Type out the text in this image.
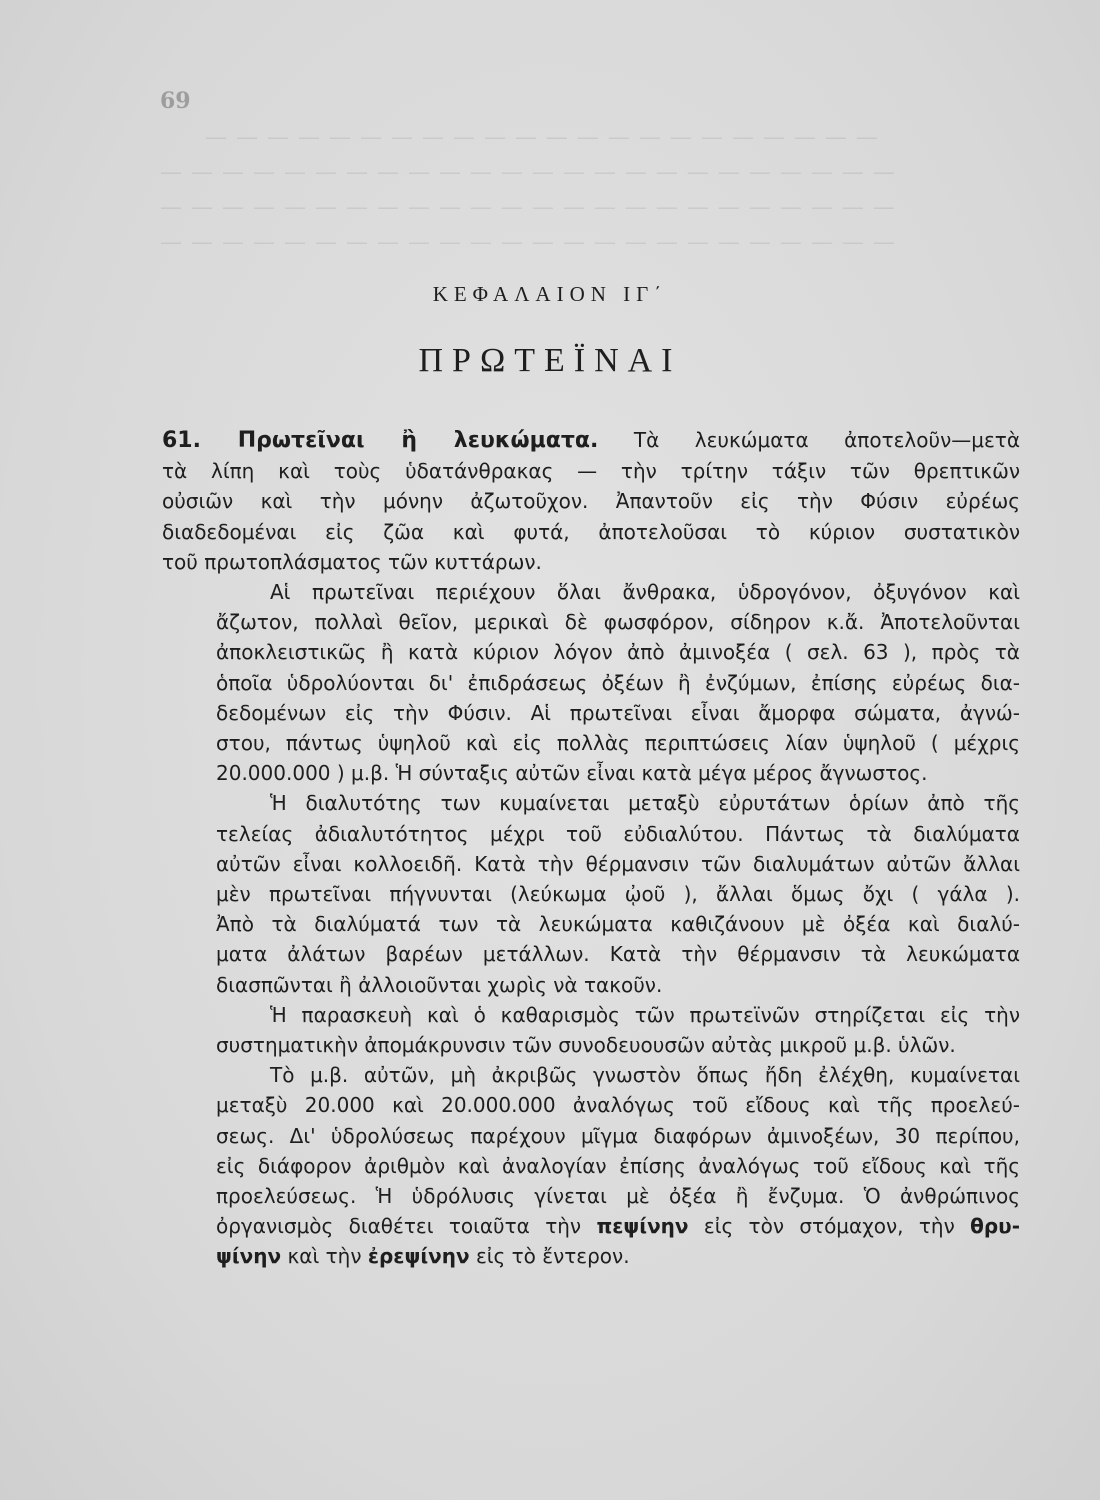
69
— — — — — — — — — — — — — — — — — — — — — —
— — — — — — — — — — — — — — — — — — — — — — — —
— — — — — — — — — — — — — — — — — — — — — — — —
— — — — — — — — — — — — — — — — — — — — — — — —
ΚΕΦΑΛΑΙΟΝ ΙΓ΄
ΠΡΩΤΕΪΝΑΙ

61. Πρωτεῖναι ἢ λευκώματα. Τὰ λευκώματα ἀποτελοῦν—μετὰ
τὰ λίπη καὶ τοὺς ὑδατάνθρακας — τὴν τρίτην τάξιν τῶν θρεπτικῶν
οὐσιῶν καὶ τὴν μόνην ἀζωτοῦχον. Ἀπαντοῦν εἰς τὴν Φύσιν εὐρέως
διαδεδομέναι εἰς ζῶα καὶ φυτά, ἀποτελοῦσαι τὸ κύριον συστατικὸν
τοῦ πρωτοπλάσματος τῶν κυττάρων.

Αἱ πρωτεῖναι περιέχουν ὅλαι ἄνθρακα, ὑδρογόνον, ὀξυγόνον καὶ
ἄζωτον, πολλαὶ θεῖον, μερικαὶ δὲ φωσφόρον, σίδηρον κ.ἄ. Ἀποτελοῦνται
ἀποκλειστικῶς ἢ κατὰ κύριον λόγον ἀπὸ ἀμινοξέα ( σελ. 63 ), πρὸς τὰ
ὁποῖα ὑδρολύονται δι' ἐπιδράσεως ὀξέων ἢ ἐνζύμων, ἐπίσης εὐρέως δια-
δεδομένων εἰς τὴν Φύσιν. Αἱ πρωτεῖναι εἶναι ἄμορφα σώματα, ἀγνώ-
στου, πάντως ὑψηλοῦ καὶ εἰς πολλὰς περιπτώσεις λίαν ὑψηλοῦ ( μέχρις
20.000.000 ) μ.β. Ἡ σύνταξις αὐτῶν εἶναι κατὰ μέγα μέρος ἄγνωστος.

Ἡ διαλυτότης των κυμαίνεται μεταξὺ εὐρυτάτων ὁρίων ἀπὸ τῆς
τελείας ἀδιαλυτότητος μέχρι τοῦ εὐδιαλύτου. Πάντως τὰ διαλύματα
αὐτῶν εἶναι κολλοειδῆ. Κατὰ τὴν θέρμανσιν τῶν διαλυμάτων αὐτῶν ἄλλαι
μὲν πρωτεῖναι πήγνυνται (λεύκωμα ᾠοῦ ), ἄλλαι ὅμως ὄχι ( γάλα ).
Ἀπὸ τὰ διαλύματά των τὰ λευκώματα καθιζάνουν μὲ ὀξέα καὶ διαλύ-
ματα ἀλάτων βαρέων μετάλλων. Κατὰ τὴν θέρμανσιν τὰ λευκώματα
διασπῶνται ἢ ἀλλοιοῦνται χωρὶς νὰ τακοῦν.

Ἡ παρασκευὴ καὶ ὁ καθαρισμὸς τῶν πρωτεϊνῶν στηρίζεται εἰς τὴν
συστηματικὴν ἀπομάκρυνσιν τῶν συνοδευουσῶν αὐτὰς μικροῦ μ.β. ὑλῶν.

Τὸ μ.β. αὐτῶν, μὴ ἀκριβῶς γνωστὸν ὅπως ἤδη ἐλέχθη, κυμαίνεται
μεταξὺ 20.000 καὶ 20.000.000 ἀναλόγως τοῦ εἴδους καὶ τῆς προελεύ-
σεως. Δι' ὑδρολύσεως παρέχουν μῖγμα διαφόρων ἀμινοξέων, 30 περίπου,
εἰς διάφορον ἀριθμὸν καὶ ἀναλογίαν ἐπίσης ἀναλόγως τοῦ εἴδους καὶ τῆς
προελεύσεως. Ἡ ὑδρόλυσις γίνεται μὲ ὀξέα ἢ ἔνζυμα. Ὁ ἀνθρώπινος
ὀργανισμὸς διαθέτει τοιαῦτα τὴν πεψίνην εἰς τὸν στόμαχον, τὴν θρυ-
ψίνην καὶ τὴν ἐρεψίνην εἰς τὸ ἔντερον.
